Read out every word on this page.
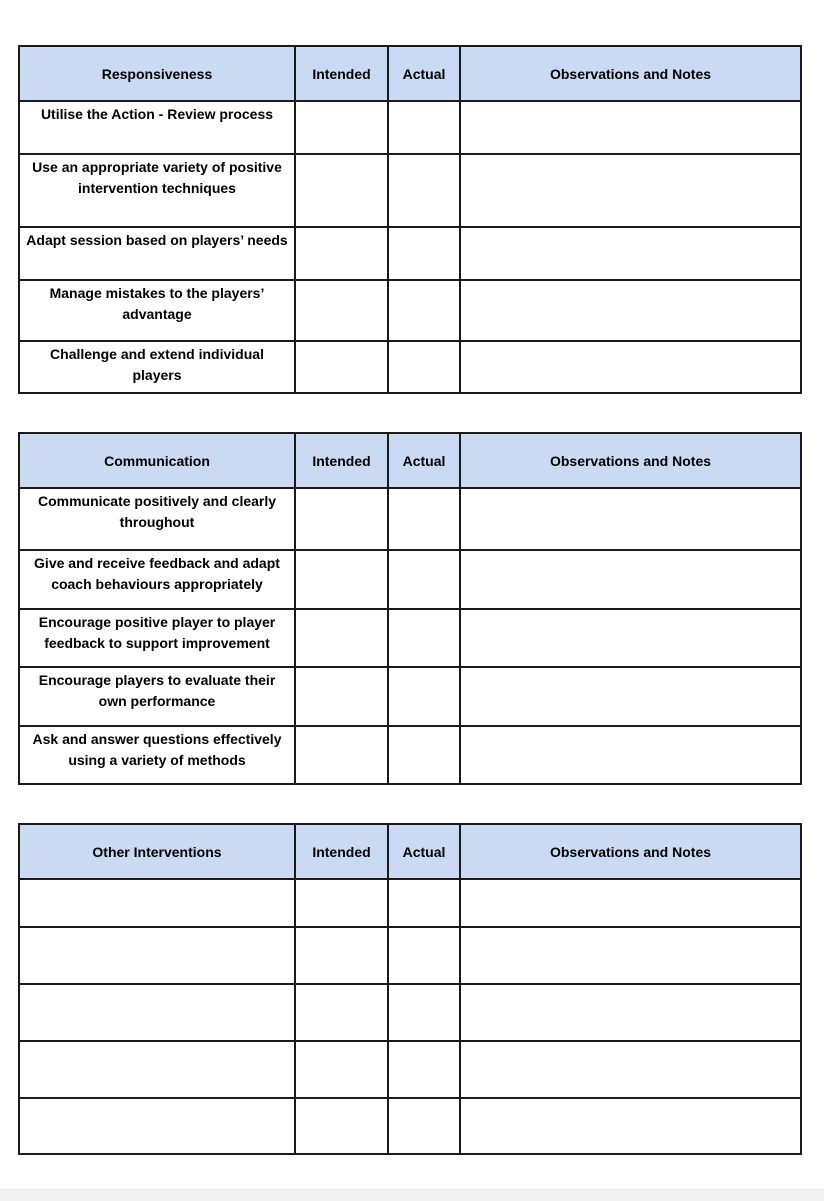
Responsiveness	Intended	Actual	Observations and Notes
Utilise the Action - Review process			
Use an appropriate variety of positive intervention techniques			
Adapt session based on players’ needs			
Manage mistakes to the players’ advantage			
Challenge and extend individual players			
Communication	Intended	Actual	Observations and Notes
Communicate positively and clearly throughout			
Give and receive feedback and adapt coach behaviours appropriately			
Encourage positive player to player feedback to support improvement			
Encourage players to evaluate their own performance			
Ask and answer questions effectively using a variety of methods			
Other Interventions	Intended	Actual	Observations and Notes
